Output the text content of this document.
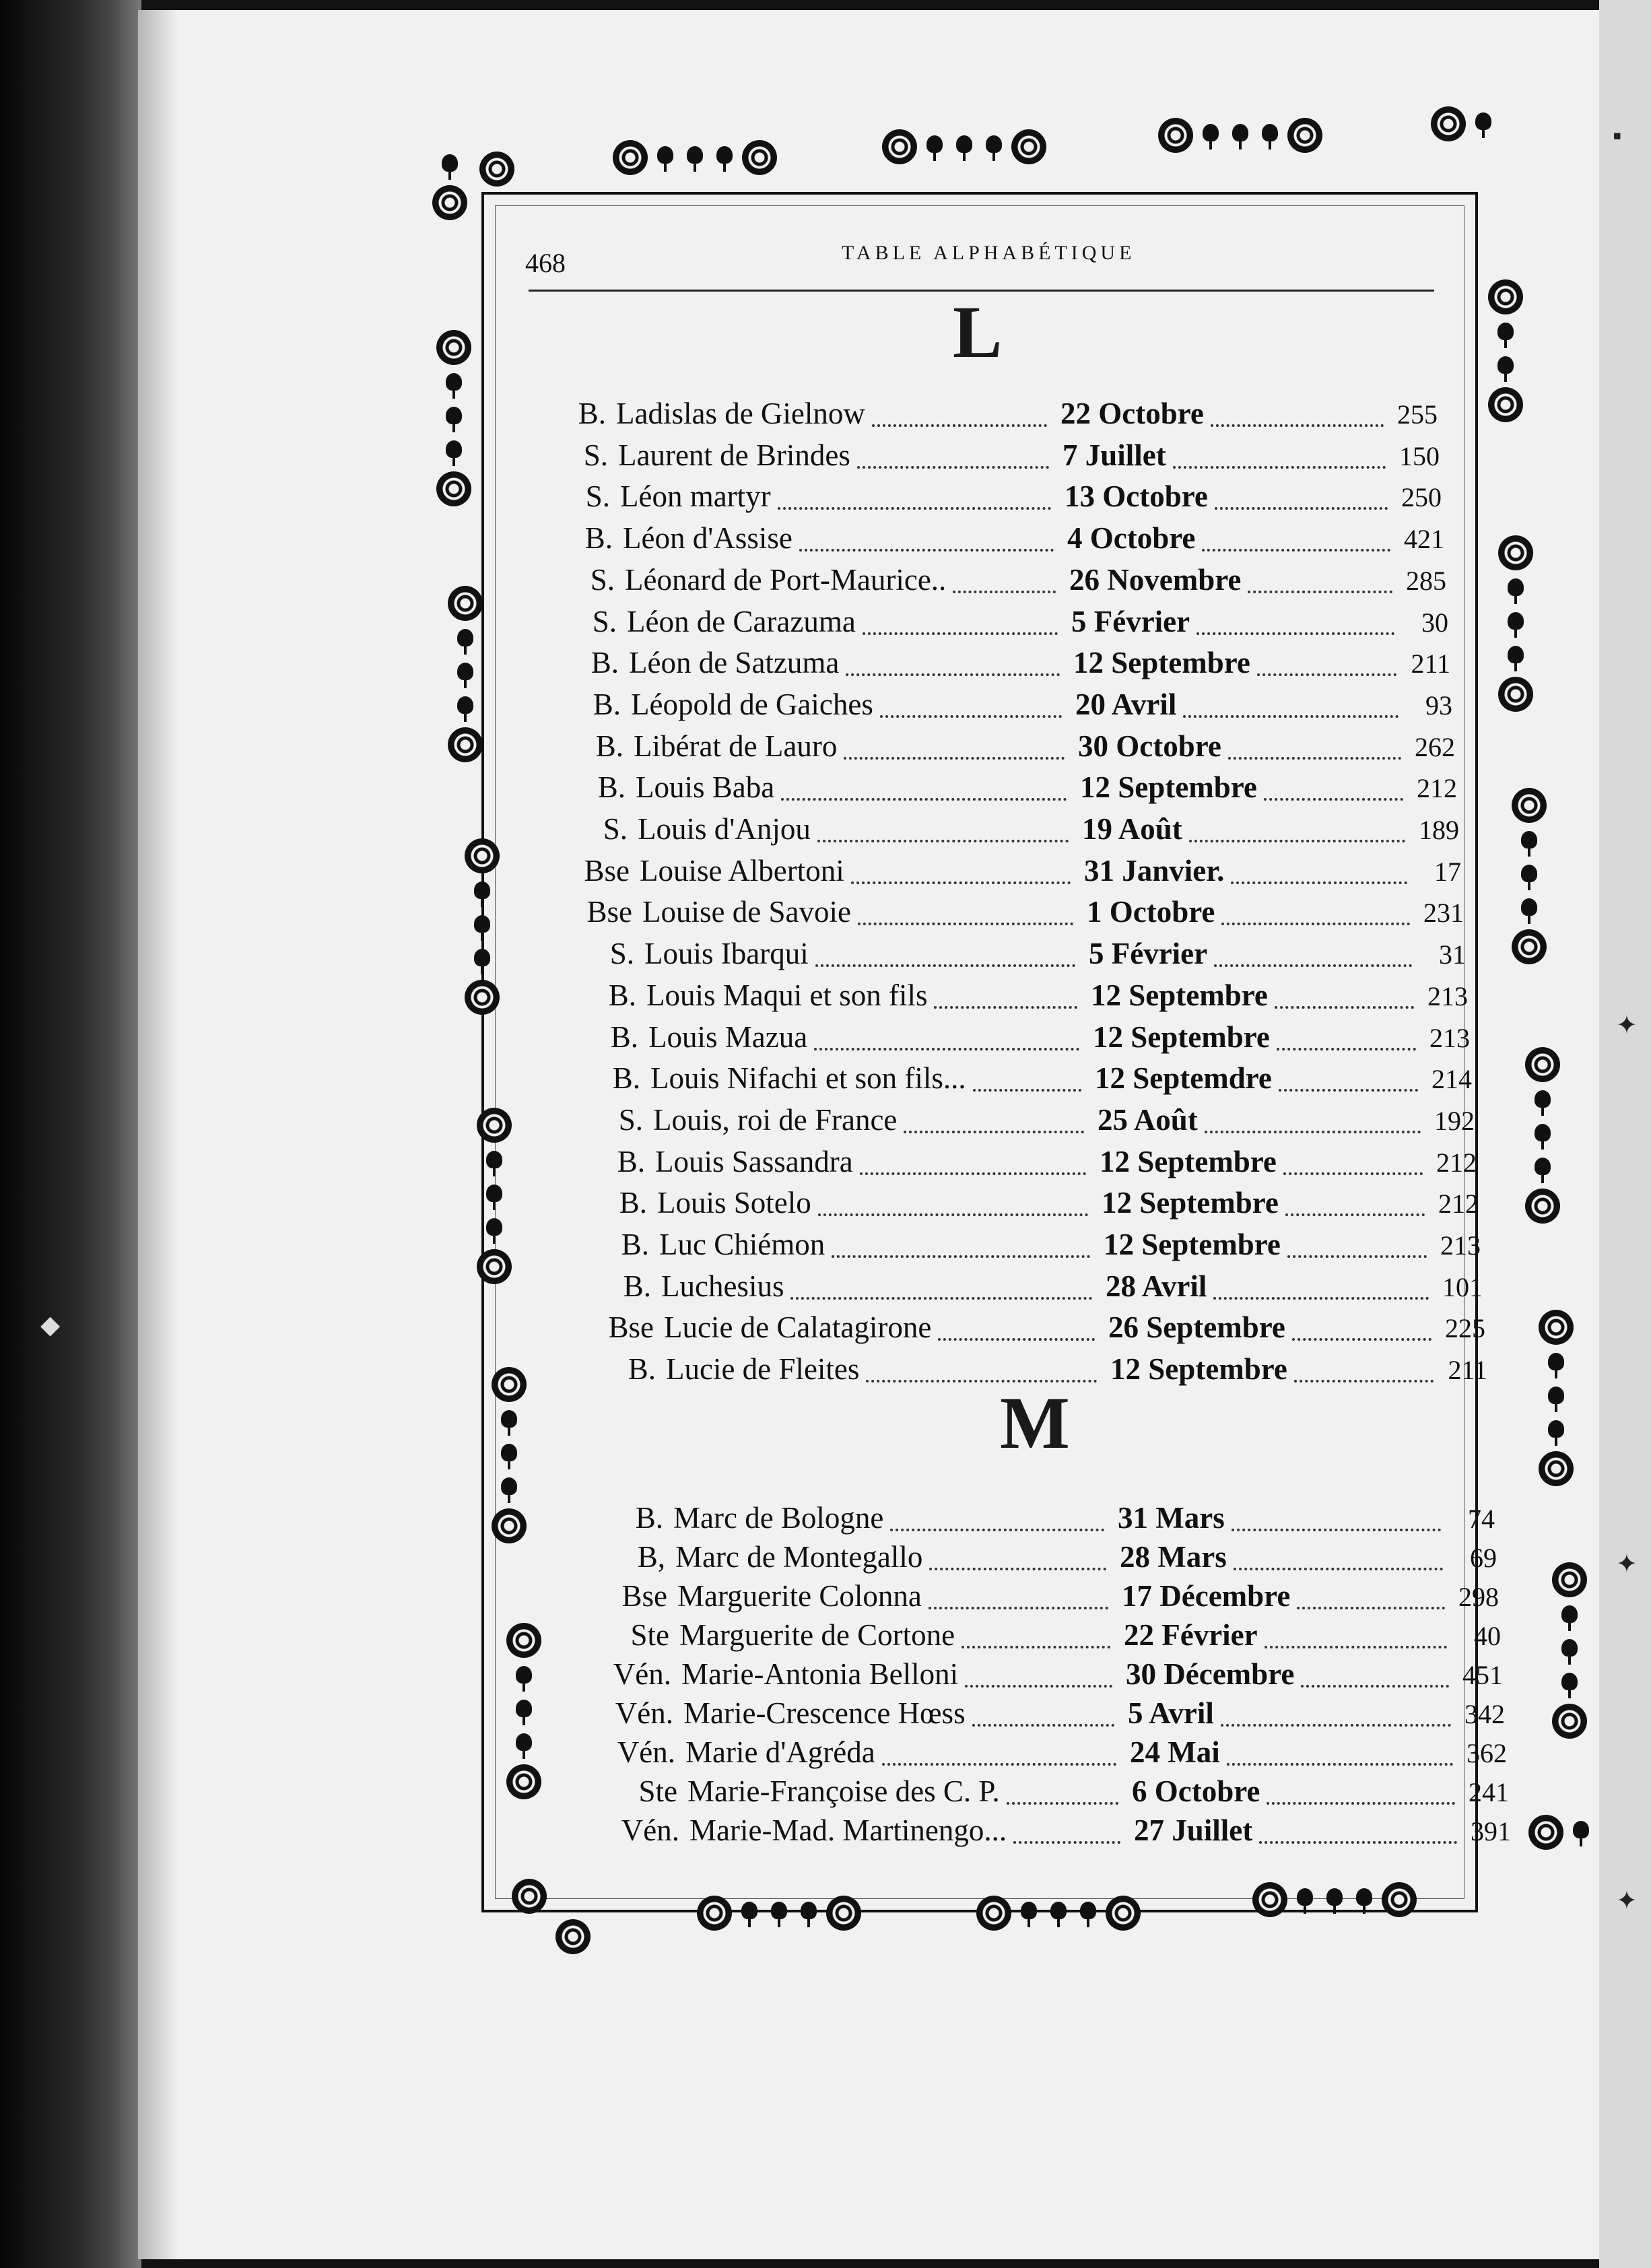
▪
✦
✦
✦
◆
468	TABLE ALPHABÉTIQUE
L
B. Ladislas de Gielnow	22 Octobre	255
S. Laurent de Brindes	7 Juillet	150
S. Léon martyr	13 Octobre	250
B. Léon d'Assise	4 Octobre	421
S. Léonard de Port-Maurice..	26 Novembre	285
S. Léon de Carazuma	5 Février	30
B. Léon de Satzuma	12 Septembre	211
B. Léopold de Gaiches	20 Avril	93
B. Libérat de Lauro	30 Octobre	262
B. Louis Baba	12 Septembre	212
S. Louis d'Anjou	19 Août	189
Bse Louise Albertoni	31 Janvier.	17
Bse Louise de Savoie	1 Octobre	231
S. Louis Ibarqui	5 Février	31
B. Louis Maqui et son fils	12 Septembre	213
B. Louis Mazua	12 Septembre	213
B. Louis Nifachi et son fils...	12 Septemdre	214
S. Louis, roi de France	25 Août	192
B. Louis Sassandra	12 Septembre	212
B. Louis Sotelo	12 Septembre	212
B. Luc Chiémon	12 Septembre	213
B. Luchesius	28 Avril	101
Bse Lucie de Calatagirone	26 Septembre	225
B. Lucie de Fleites	12 Septembre	211
M
B. Marc de Bologne	31 Mars	74
B, Marc de Montegallo	28 Mars	69
Bse Marguerite Colonna	17 Décembre	298
Ste Marguerite de Cortone	22 Février	40
Vén. Marie-Antonia Belloni	30 Décembre	451
Vén. Marie-Crescence Hœss	5 Avril	342
Vén. Marie d'Agréda	24 Mai	362
Ste Marie-Françoise des C. P.	6 Octobre	241
Vén. Marie-Mad. Martinengo...	27 Juillet	391
